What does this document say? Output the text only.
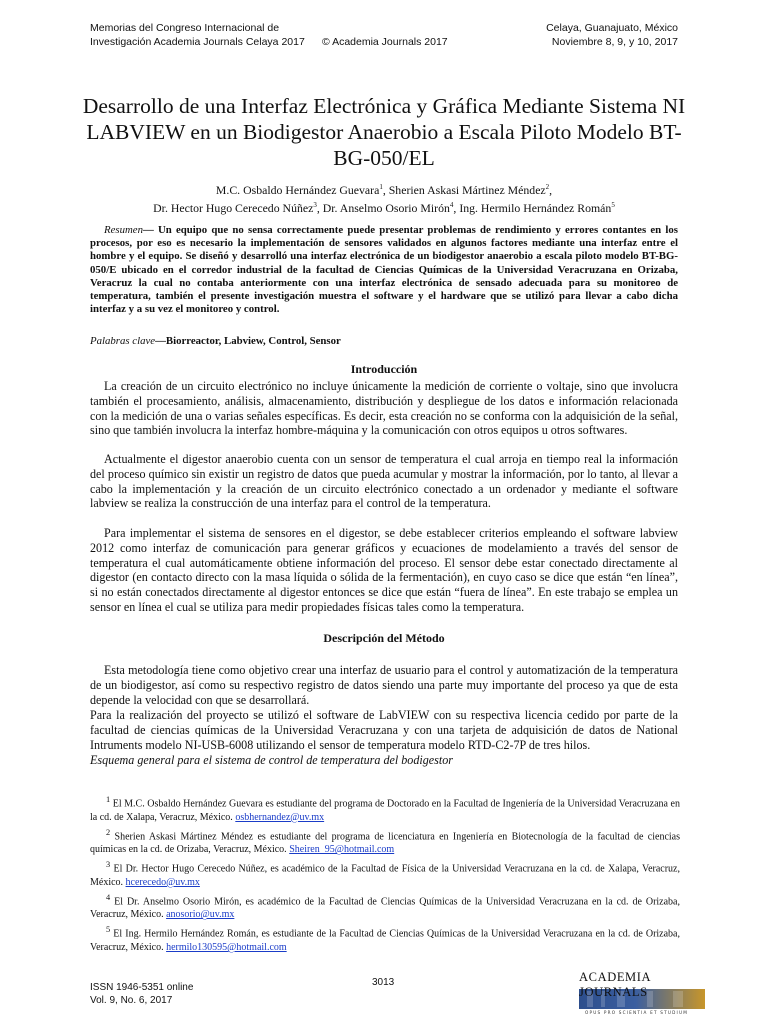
Memorias del Congreso Internacional de
Investigación Academia Journals Celaya 2017 © Academia Journals 2017
Celaya, Guanajuato, México
Noviembre 8, 9, y 10, 2017
Desarrollo de una Interfaz Electrónica y Gráfica Mediante Sistema NI LABVIEW en un Biodigestor Anaerobio a Escala Piloto Modelo BT-BG-050/EL
M.C. Osbaldo Hernández Guevara$^1$, Sherien Askasi Mártinez Méndez$^2$,
Dr. Hector Hugo Cerecedo Núñez$^3$, Dr. Anselmo Osorio Mirón$^4$, Ing. Hermilo Hernández Román$^5$
Resumen— Un equipo que no sensa correctamente puede presentar problemas de rendimiento y errores contantes en los procesos, por eso es necesario la implementación de sensores validados en algunos factores mediante una interfaz entre el hombre y el equipo. Se diseñó y desarrolló una interfaz electrónica de un biodigestor anaerobio a escala piloto modelo BT-BG-050/E ubicado en el corredor industrial de la facultad de Ciencias Químicas de la Universidad Veracruzana en Orizaba, Veracruz la cual no contaba anteriormente con una interfaz electrónica de sensado adecuada para su monitoreo de temperatura, también el presente investigación muestra el software y el hardware que se utilizó para llevar a cabo dicha interfaz y a su vez el monitoreo y control.
Palabras clave—Biorreactor, Labview, Control, Sensor
Introducción

La creación de un circuito electrónico no incluye únicamente la medición de corriente o voltaje, sino que involucra también el procesamiento, análisis, almacenamiento, distribución y despliegue de los datos e información relacionada con la medición de una o varias señales específicas. Es decir, esta creación no se conforma con la adquisición de la señal, sino que también involucra la interfaz hombre-máquina y la comunicación con otros equipos u otros softwares.

Actualmente el digestor anaerobio cuenta con un sensor de temperatura el cual arroja en tiempo real la información del proceso químico sin existir un registro de datos que pueda acumular y mostrar la información, por lo tanto, al llevar a cabo la implementación y la creación de un circuito electrónico conectado a un ordenador y mediante el software labview se realiza la construcción de una interfaz para el control de la temperatura.

Para implementar el sistema de sensores en el digestor, se debe establecer criterios empleando el software labview 2012 como interfaz de comunicación para generar gráficos y ecuaciones de modelamiento a través del sensor de temperatura el cual automáticamente obtiene información del proceso. El sensor debe estar conectado directamente al digestor (en contacto directo con la masa líquida o sólida de la fermentación), en cuyo caso se dice que están “en línea”, si no están conectados directamente al digestor entonces se dice que están “fuera de línea”. En este trabajo se emplea un sensor en línea el cual se utiliza para medir propiedades físicas tales como la temperatura.

Descripción del Método

Esta metodología tiene como objetivo crear una interfaz de usuario para el control y automatización de la temperatura de un biodigestor, así como su respectivo registro de datos siendo una parte muy importante del proceso ya que de esta depende la velocidad con que se desarrollará.

Para la realización del proyecto se utilizó el software de LabVIEW con su respectiva licencia cedido por parte de la facultad de ciencias químicas de la Universidad Veracruzana y con una tarjeta de adquisición de datos de National Intruments modelo NI-USB-6008 utilizando el sensor de temperatura modelo RTD-C2-7P de tres hilos.

Esquema general para el sistema de control de temperatura del bodigestor

$^1$ El M.C. Osbaldo Hernández Guevara es estudiante del programa de Doctorado en la Facultad de Ingeniería de la Universidad Veracruzana en la cd. de Xalapa, Veracruz, México. osbhernandez@uv.mx

$^2$ Sherien Askasi Mártinez Méndez es estudiante del programa de licenciatura en Ingeniería en Biotecnología de la facultad de ciencias químicas en la cd. de Orizaba, Veracruz, México. Sheiren_95@hotmail.com

$^3$ El Dr. Hector Hugo Cerecedo Núñez, es académico de la Facultad de Física de la Universidad Veracruzana en la cd. de Xalapa, Veracruz, México. hcerecedo@uv.mx

$^4$ El Dr. Anselmo Osorio Mirón, es académico de la Facultad de Ciencias Químicas de la Universidad Veracruzana en la cd. de Orizaba, Veracruz, México. anosorio@uv.mx

$^5$ El Ing. Hermilo Hernández Román, es estudiante de la Facultad de Ciencias Químicas de la Universidad Veracruzana en la cd. de Orizaba, Veracruz, México. hermilo130595@hotmail.com

ISSN 1946-5351 online
Vol. 9, No. 6, 2017
3013	ACADEMIA JOURNALS
OPUS PRO SCIENTIA ET STUDIUM
